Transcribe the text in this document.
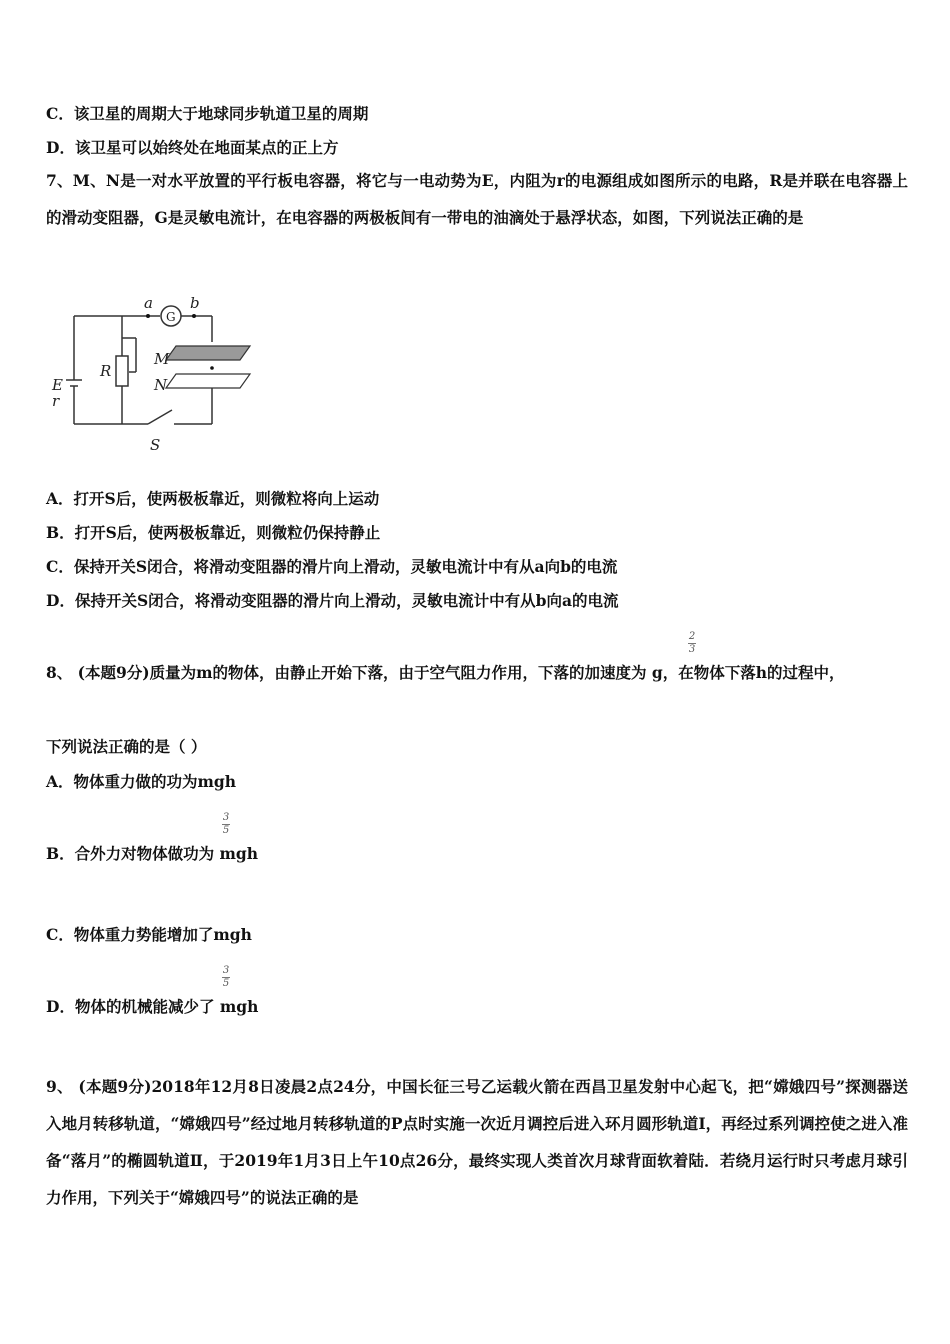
C．该卫星的周期大于地球同步轨道卫星的周期
D．该卫星可以始终处在地面某点的正上方
7、M、N是一对水平放置的平行板电容器，将它与一电动势为E，内阻为r的电源组成如图所示的电路，R是并联在电容器上的滑动变阻器，G是灵敏电流计，在电容器的两极板间有一带电的油滴处于悬浮状态，如图，下列说法正确的是
a
G
b
M
N
R
E
r
S
A．打开S后，使两极板靠近，则微粒将向上运动
B．打开S后，使两极板靠近，则微粒仍保持静止
C．保持开关S闭合，将滑动变阻器的滑片向上滑动，灵敏电流计中有从a向b的电流
D．保持开关S闭合，将滑动变阻器的滑片向上滑动，灵敏电流计中有从b向a的电流
2
3
8、 (本题9分)质量为m的物体，由静止开始下落，由于空气阻力作用，下落的加速度为 g，在物体下落h的过程中，
下列说法正确的是（ ）
A．物体重力做的功为mgh
3
5
B．合外力对物体做功为 mgh
C．物体重力势能增加了mgh
3
5
D．物体的机械能减少了 mgh
9、 (本题9分)2018年12月8日凌晨2点24分，中国长征三号乙运载火箭在西昌卫星发射中心起飞，把“嫦娥四号”探测器送入地月转移轨道，“嫦娥四号”经过地月转移轨道的P点时实施一次近月调控后进入环月圆形轨道I，再经过系列调控使之进入准备“落月”的椭圆轨道Ⅱ，于2019年1月3日上午10点26分，最终实现人类首次月球背面软着陆．若绕月运行时只考虑月球引力作用，下列关于“嫦娥四号”的说法正确的是
